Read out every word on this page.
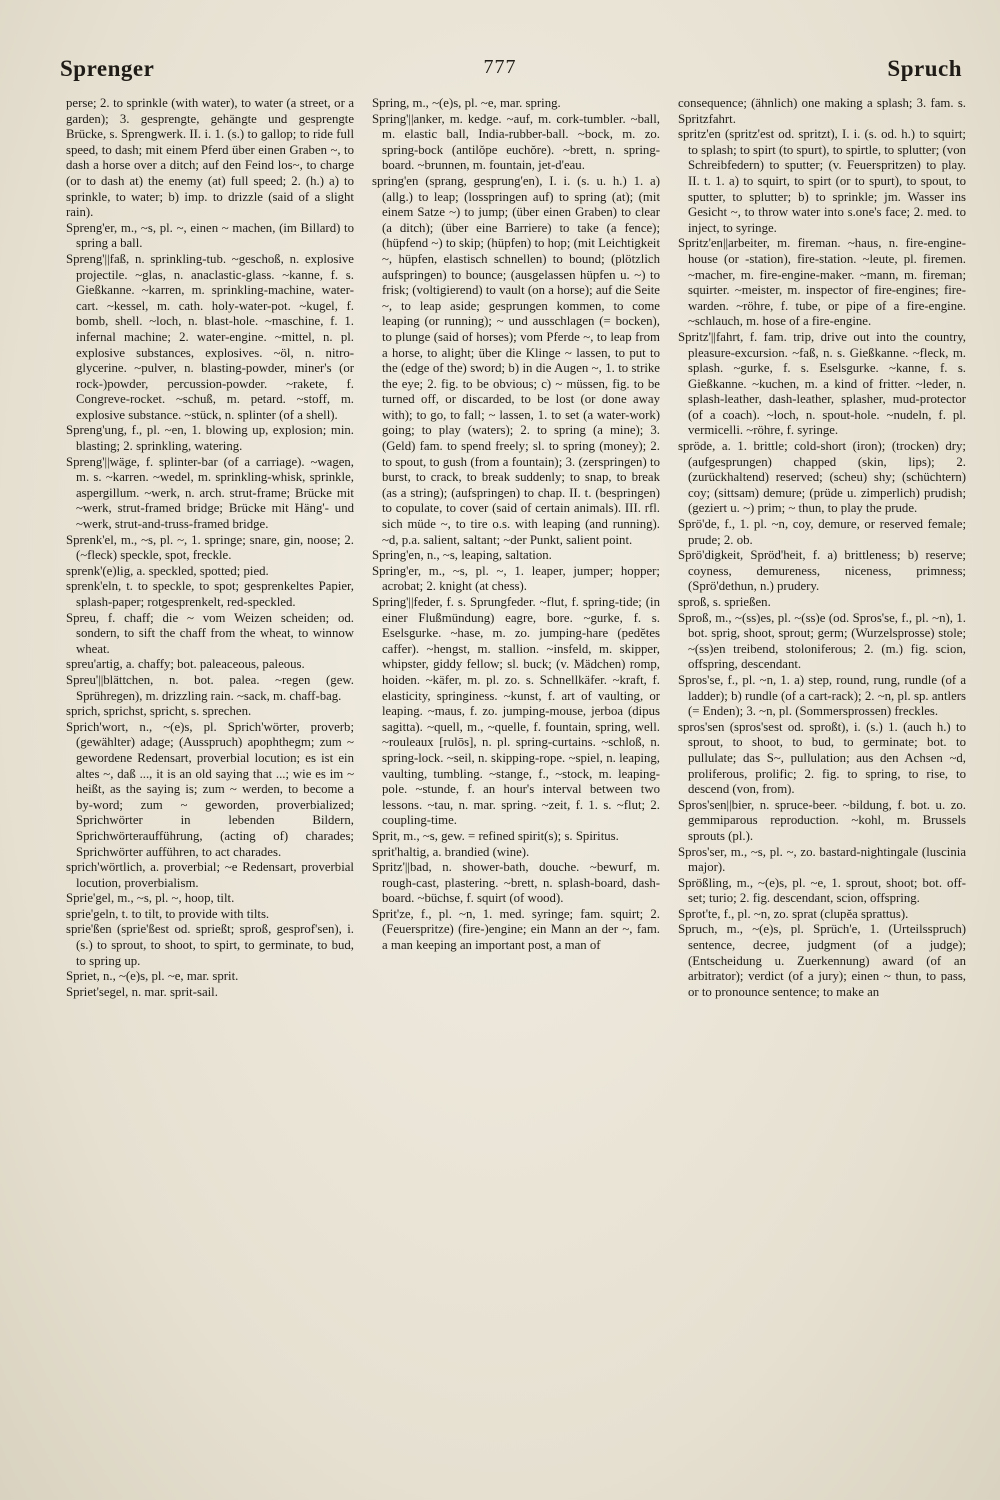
Sprenger	777	Spruch

perse; 2. to sprinkle (with water), to water (a street, or a garden); 3. gesprengte, gehängte und gesprengte Brücke, s. Sprengwerk. II. i. 1. (s.) to gallop; to ride full speed, to dash; mit einem Pferd über einen Graben ~, to dash a horse over a ditch; auf den Feind los~, to charge (or to dash at) the enemy (at) full speed; 2. (h.) a) to sprinkle, to water; b) imp. to drizzle (said of a slight rain).

Spreng'er, m., ~s, pl. ~, einen ~ machen, (im Billard) to spring a ball.

Spreng'||faß, n. sprinkling-tub. ~geschoß, n. explosive projectile. ~glas, n. anaclastic-glass. ~kanne, f. s. Gießkanne. ~karren, m. sprinkling-machine, water-cart. ~kessel, m. cath. holy-water-pot. ~kugel, f. bomb, shell. ~loch, n. blast-hole. ~maschine, f. 1. infernal machine; 2. water-engine. ~mittel, n. pl. explosive substances, explosives. ~öl, n. nitro-glycerine. ~pulver, n. blasting-powder, miner's (or rock-)powder, percussion-powder. ~rakete, f. Congreve-rocket. ~schuß, m. petard. ~stoff, m. explosive substance. ~stück, n. splinter (of a shell).

Spreng'ung, f., pl. ~en, 1. blowing up, explosion; min. blasting; 2. sprinkling, watering.

Spreng'||wäge, f. splinter-bar (of a carriage). ~wagen, m. s. ~karren. ~wedel, m. sprinkling-whisk, sprinkle, aspergillum. ~werk, n. arch. strut-frame; Brücke mit ~werk, strut-framed bridge; Brücke mit Häng'- und ~werk, strut-and-truss-framed bridge.

Sprenk'el, m., ~s, pl. ~, 1. springe; snare, gin, noose; 2. (~fleck) speckle, spot, freckle.

sprenk'(e)lig, a. speckled, spotted; pied.

sprenk'eln, t. to speckle, to spot; gesprenkeltes Papier, splash-paper; rotgesprenkelt, red-speckled.

Spreu, f. chaff; die ~ vom Weizen scheiden; od. sondern, to sift the chaff from the wheat, to winnow wheat.

spreu'artig, a. chaffy; bot. paleaceous, paleous.

Spreu'||blättchen, n. bot. palea. ~regen (gew. Sprühregen), m. drizzling rain. ~sack, m. chaff-bag.

sprich, sprichst, spricht, s. sprechen.

Sprich'wort, n., ~(e)s, pl. Sprich'wörter, proverb; (gewählter) adage; (Ausspruch) apophthegm; zum ~ gewordene Redensart, proverbial locution; es ist ein altes ~, daß ..., it is an old saying that ...; wie es im ~ heißt, as the saying is; zum ~ werden, to become a by-word; zum ~ geworden, proverbialized; Sprichwörter in lebenden Bildern, Sprichwörteraufführung, (acting of) charades; Sprichwörter aufführen, to act charades.

sprich'wörtlich, a. proverbial; ~e Redensart, proverbial locution, proverbialism.

Sprie'gel, m., ~s, pl. ~, hoop, tilt.

sprie'geln, t. to tilt, to provide with tilts.

sprie'ßen (sprie'ßest od. sprießt; sproß, gesprof'sen), i. (s.) to sprout, to shoot, to spirt, to germinate, to bud, to spring up.

Spriet, n., ~(e)s, pl. ~e, mar. sprit.

Spriet'segel, n. mar. sprit-sail.

Spring, m., ~(e)s, pl. ~e, mar. spring.

Spring'||anker, m. kedge. ~auf, m. cork-tumbler. ~ball, m. elastic ball, India-rubber-ball. ~bock, m. zo. spring-bock (antilŏpe euchŏre). ~brett, n. spring-board. ~brunnen, m. fountain, jet-d'eau.

spring'en (sprang, gesprung'en), I. i. (s. u. h.) 1. a) (allg.) to leap; (losspringen auf) to spring (at); (mit einem Satze ~) to jump; (über einen Graben) to clear (a ditch); (über eine Barriere) to take (a fence); (hüpfend ~) to skip; (hüpfen) to hop; (mit Leichtigkeit ~, hüpfen, elastisch schnellen) to bound; (plötzlich aufspringen) to bounce; (ausgelassen hüpfen u. ~) to frisk; (voltigierend) to vault (on a horse); auf die Seite ~, to leap aside; gesprungen kommen, to come leaping (or running); ~ und ausschlagen (= bocken), to plunge (said of horses); vom Pferde ~, to leap from a horse, to alight; über die Klinge ~ lassen, to put to the (edge of the) sword; b) in die Augen ~, 1. to strike the eye; 2. fig. to be obvious; c) ~ müssen, fig. to be turned off, or discarded, to be lost (or done away with); to go, to fall; ~ lassen, 1. to set (a water-work) going; to play (waters); 2. to spring (a mine); 3. (Geld) fam. to spend freely; sl. to spring (money); 2. to spout, to gush (from a fountain); 3. (zerspringen) to burst, to crack, to break suddenly; to snap, to break (as a string); (aufspringen) to chap. II. t. (bespringen) to copulate, to cover (said of certain animals). III. rfl. sich müde ~, to tire o.s. with leaping (and running). ~d, p.a. salient, saltant; ~der Punkt, salient point.

Spring'en, n., ~s, leaping, saltation.

Spring'er, m., ~s, pl. ~, 1. leaper, jumper; hopper; acrobat; 2. knight (at chess).

Spring'||feder, f. s. Sprungfeder. ~flut, f. spring-tide; (in einer Flußmündung) eagre, bore. ~gurke, f. s. Eselsgurke. ~hase, m. zo. jumping-hare (pedĕtes caffer). ~hengst, m. stallion. ~insfeld, m. skipper, whipster, giddy fellow; sl. buck; (v. Mädchen) romp, hoiden. ~käfer, m. pl. zo. s. Schnellkäfer. ~kraft, f. elasticity, springiness. ~kunst, f. art of vaulting, or leaping. ~maus, f. zo. jumping-mouse, jerboa (dipus sagitta). ~quell, m., ~quelle, f. fountain, spring, well. ~rouleaux [rulōs], n. pl. spring-curtains. ~schloß, n. spring-lock. ~seil, n. skipping-rope. ~spiel, n. leaping, vaulting, tumbling. ~stange, f., ~stock, m. leaping-pole. ~stunde, f. an hour's interval between two lessons. ~tau, n. mar. spring. ~zeit, f. 1. s. ~flut; 2. coupling-time.

Sprit, m., ~s, gew. = refined spirit(s); s. Spiritus.

sprit'haltig, a. brandied (wine).

Spritz'||bad, n. shower-bath, douche. ~bewurf, m. rough-cast, plastering. ~brett, n. splash-board, dash-board. ~büchse, f. squirt (of wood).

Sprit'ze, f., pl. ~n, 1. med. syringe; fam. squirt; 2. (Feuerspritze) (fire-)engine; ein Mann an der ~, fam. a man keeping an important post, a man of

consequence; (ähnlich) one making a splash; 3. fam. s. Spritzfahrt.

spritz'en (spritz'est od. spritzt), I. i. (s. od. h.) to squirt; to splash; to spirt (to spurt), to spirtle, to splutter; (von Schreibfedern) to sputter; (v. Feuerspritzen) to play. II. t. 1. a) to squirt, to spirt (or to spurt), to spout, to sputter, to splutter; b) to sprinkle; jm. Wasser ins Gesicht ~, to throw water into s.one's face; 2. med. to inject, to syringe.

Spritz'en||arbeiter, m. fireman. ~haus, n. fire-engine-house (or -station), fire-station. ~leute, pl. firemen. ~macher, m. fire-engine-maker. ~mann, m. fireman; squirter. ~meister, m. inspector of fire-engines; fire-warden. ~röhre, f. tube, or pipe of a fire-engine. ~schlauch, m. hose of a fire-engine.

Spritz'||fahrt, f. fam. trip, drive out into the country, pleasure-excursion. ~faß, n. s. Gießkanne. ~fleck, m. splash. ~gurke, f. s. Eselsgurke. ~kanne, f. s. Gießkanne. ~kuchen, m. a kind of fritter. ~leder, n. splash-leather, dash-leather, splasher, mud-protector (of a coach). ~loch, n. spout-hole. ~nudeln, f. pl. vermicelli. ~röhre, f. syringe.

spröde, a. 1. brittle; cold-short (iron); (trocken) dry; (aufgesprungen) chapped (skin, lips); 2. (zurückhaltend) reserved; (scheu) shy; (schüchtern) coy; (sittsam) demure; (prüde u. zimperlich) prudish; (geziert u. ~) prim; ~ thun, to play the prude.

Sprö'de, f., 1. pl. ~n, coy, demure, or reserved female; prude; 2. ob.

Sprö'digkeit, Spröd'heit, f. a) brittleness; b) reserve; coyness, demureness, niceness, primness; (Sprö'dethun, n.) prudery.

sproß, s. sprießen.

Sproß, m., ~(ss)es, pl. ~(ss)e (od. Spros'se, f., pl. ~n), 1. bot. sprig, shoot, sprout; germ; (Wurzelsprosse) stole; ~(ss)en treibend, stoloniferous; 2. (m.) fig. scion, offspring, descendant.

Spros'se, f., pl. ~n, 1. a) step, round, rung, rundle (of a ladder); b) rundle (of a cart-rack); 2. ~n, pl. sp. antlers (= Enden); 3. ~n, pl. (Sommersprossen) freckles.

spros'sen (spros'sest od. sproßt), i. (s.) 1. (auch h.) to sprout, to shoot, to bud, to germinate; bot. to pullulate; das S~, pullulation; aus den Achsen ~d, proliferous, prolific; 2. fig. to spring, to rise, to descend (von, from).

Spros'sen||bier, n. spruce-beer. ~bildung, f. bot. u. zo. gemmiparous reproduction. ~kohl, m. Brussels sprouts (pl.).

Spros'ser, m., ~s, pl. ~, zo. bastard-nightingale (luscinia major).

Sprößling, m., ~(e)s, pl. ~e, 1. sprout, shoot; bot. off-set; turio; 2. fig. descendant, scion, offspring.

Sprot'te, f., pl. ~n, zo. sprat (clupĕa sprattus).

Spruch, m., ~(e)s, pl. Sprüch'e, 1. (Urteilsspruch) sentence, decree, judgment (of a judge); (Entscheidung u. Zuerkennung) award (of an arbitrator); verdict (of a jury); einen ~ thun, to pass, or to pronounce sentence; to make an
